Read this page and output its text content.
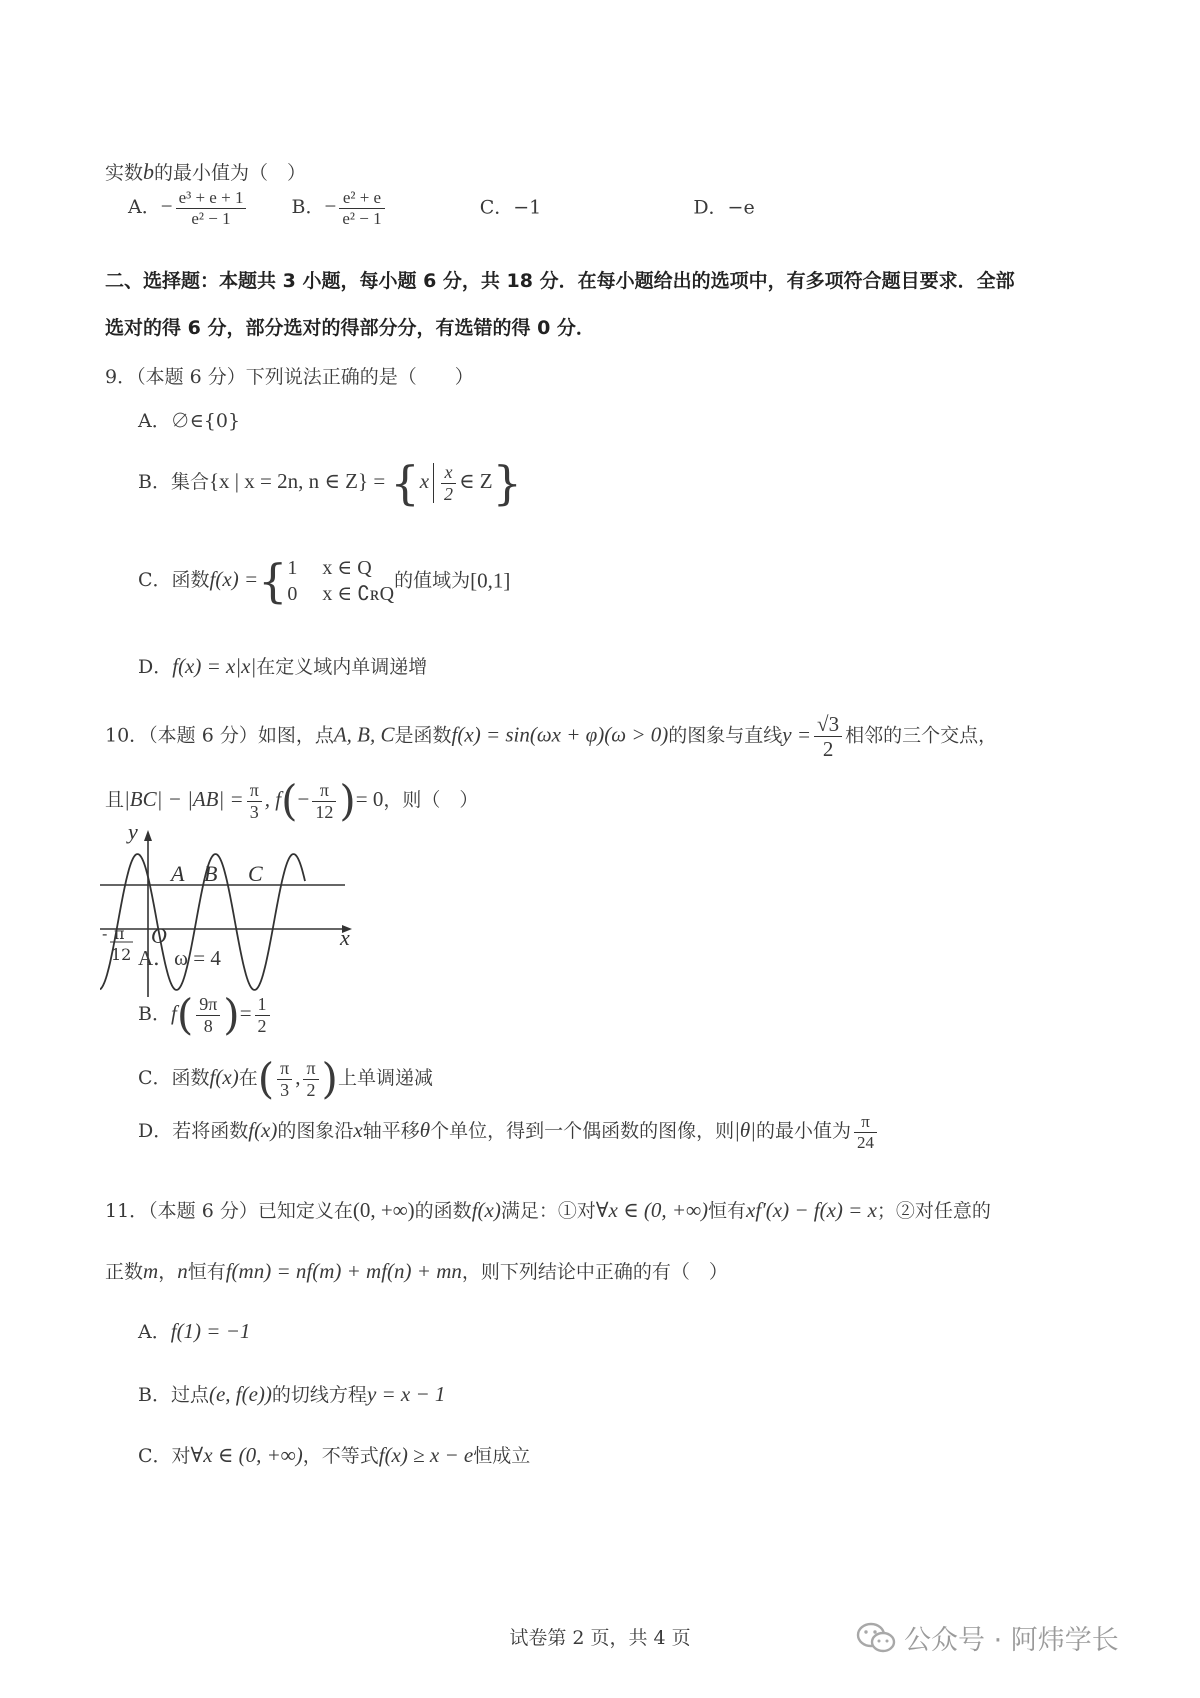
实数b的最小值为（　）
A．− $\frac{\text{e³ + e + 1}}{\text{e² − 1}}$ B．− $\frac{\text{e² + e}}{\text{e² − 1}}$	C．−1	D．−e
二、选择题：本题共 3 小题，每小题 6 分，共 18 分．在每小题给出的选项中，有多项符合题目要求．全部
选对的得 6 分，部分选对的得部分分，有选错的得 0 分．
9．（本题 6 分）下列说法正确的是（　　）
A．∅∈{0}
B．集合{x | x = 2n, n ∈ $Z\} = \{x \frac{x}{2}$ ∈ Z}
C．函数f(x) ={ 1　 x ∈ Q
0　 x ∈ ∁ʀQ
的值域为[0,1]
D．f(x) = x|x|在定义域内单调递增
10．（本题 6 分）如图，点A, B, C是函数f(x) = sin(ωx + φ)(ω > 0)的图象与直线$y = \frac{√3}{2}$ 相邻的三个交点，
且$|BC| - |AB| = \frac{\pi}{3}$ , $f(- \frac{\pi}{12}$ )= 0，则（　）
y
x
O
A B C
- π
12 A．ω = 4
B．$f( \frac{9\pi}{8}$ )= $\frac{1}{2}$
C．函数f(x)在( $\frac{\pi}{3}$ , $\frac{\pi}{2}$ )上单调递减
D．若将函数f(x)的图象沿x轴平移θ个单位，得到一个偶函数的图像，则|θ|的最小值为 $\frac{\pi}{24}$
11．（本题 6 分）已知定义在(0, +∞)的函数f(x)满足：①对∀x ∈ (0, +∞)恒有xf′(x) − f(x) = x；②对任意的
正数m，n恒有f(mn) = nf(m) + mf(n) + mn，则下列结论中正确的有（　）
A．f(1) = −1
B．过点(e, f(e))的切线方程y = x − 1
C．对∀x ∈ (0, +∞)，不等式f(x) ≥ x − e恒成立
试卷第 2 页，共 4 页	公众号 · 阿炜学长
